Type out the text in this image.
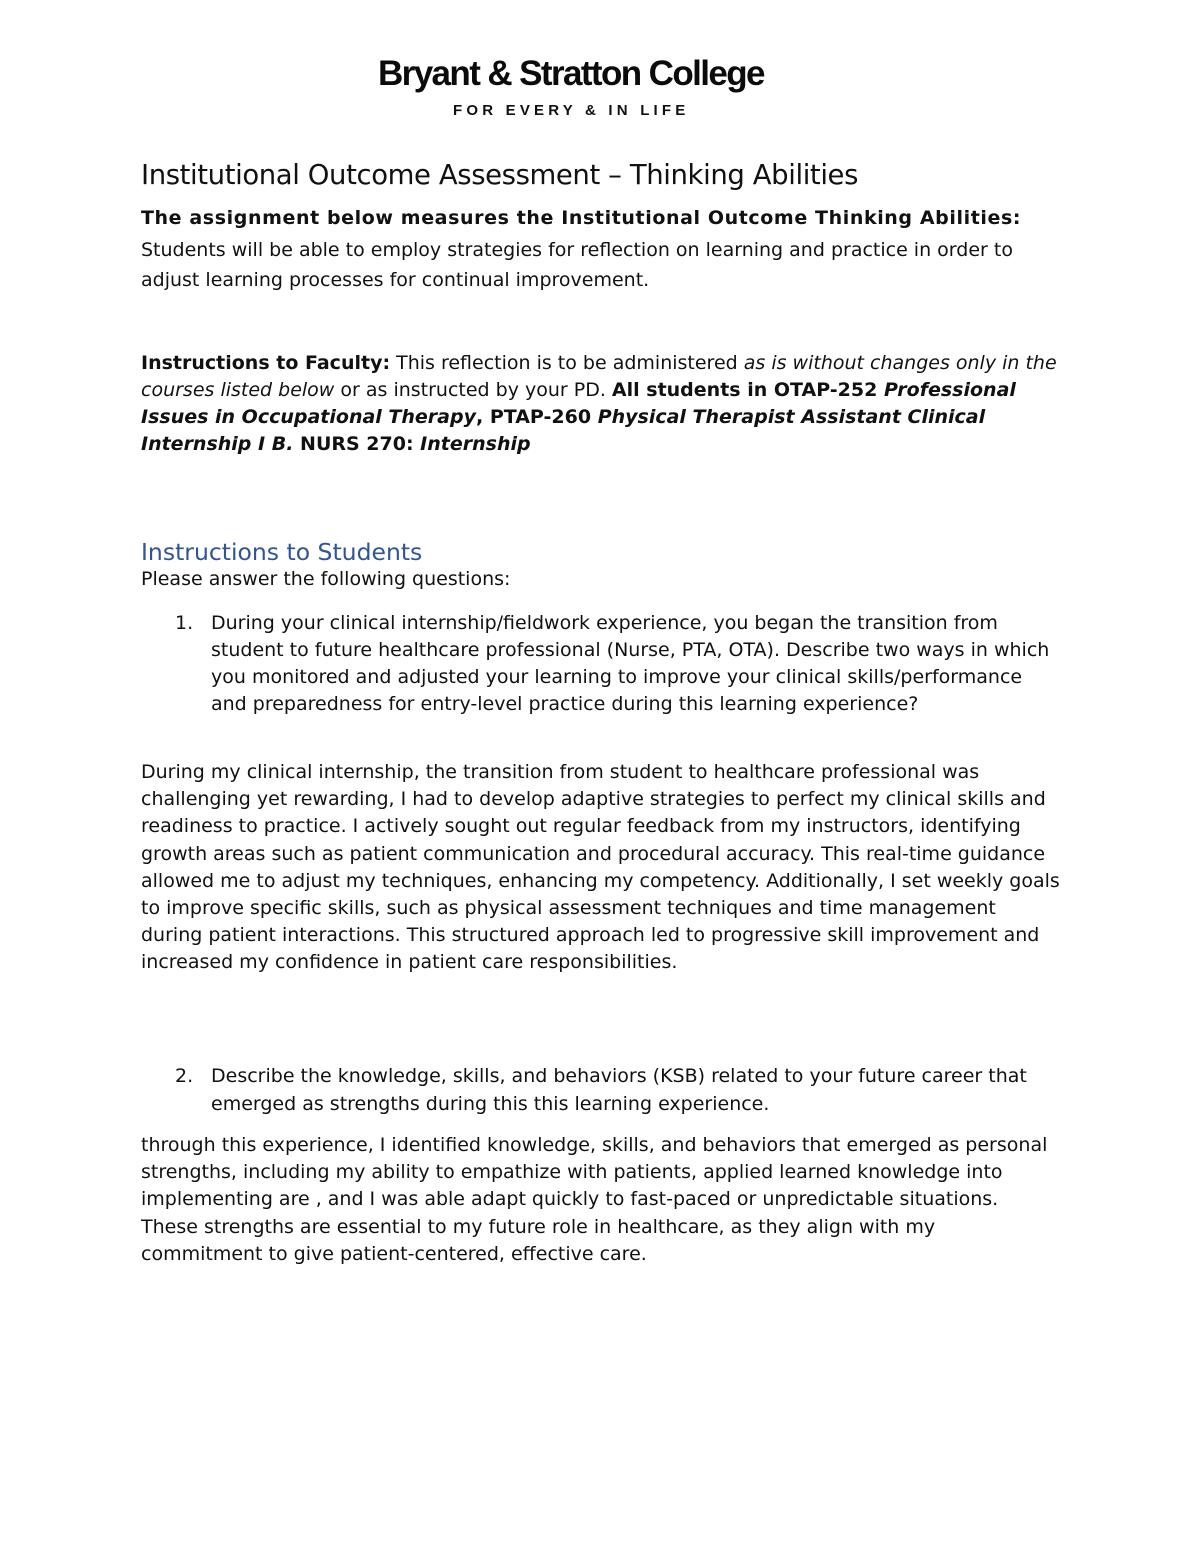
Bryant & Stratton College
FOR EVERY & IN LIFE
Institutional Outcome Assessment – Thinking Abilities
The assignment below measures the Institutional Outcome Thinking Abilities:
Students will be able to employ strategies for reflection on learning and practice in order to adjust learning processes for continual improvement.
Instructions to Faculty: This reflection is to be administered as is without changes only in the courses listed below or as instructed by your PD. All students in OTAP-252 Professional Issues in Occupational Therapy, PTAP-260 Physical Therapist Assistant Clinical Internship I B. NURS 270: Internship
Instructions to Students
Please answer the following questions:
1. During your clinical internship/fieldwork experience, you began the transition from student to future healthcare professional (Nurse, PTA, OTA). Describe two ways in which you monitored and adjusted your learning to improve your clinical skills/performance and preparedness for entry-level practice during this learning experience?
During my clinical internship, the transition from student to healthcare professional was challenging yet rewarding, I had to develop adaptive strategies to perfect my clinical skills and readiness to practice. I actively sought out regular feedback from my instructors, identifying growth areas such as patient communication and procedural accuracy. This real-time guidance allowed me to adjust my techniques, enhancing my competency. Additionally, I set weekly goals to improve specific skills, such as physical assessment techniques and time management during patient interactions. This structured approach led to progressive skill improvement and increased my confidence in patient care responsibilities.
2. Describe the knowledge, skills, and behaviors (KSB) related to your future career that emerged as strengths during this this learning experience.
through this experience, I identified knowledge, skills, and behaviors that emerged as personal strengths, including my ability to empathize with patients, applied learned knowledge into implementing are , and I was able adapt quickly to fast-paced or unpredictable situations. These strengths are essential to my future role in healthcare, as they align with my commitment to give patient-centered, effective care.
